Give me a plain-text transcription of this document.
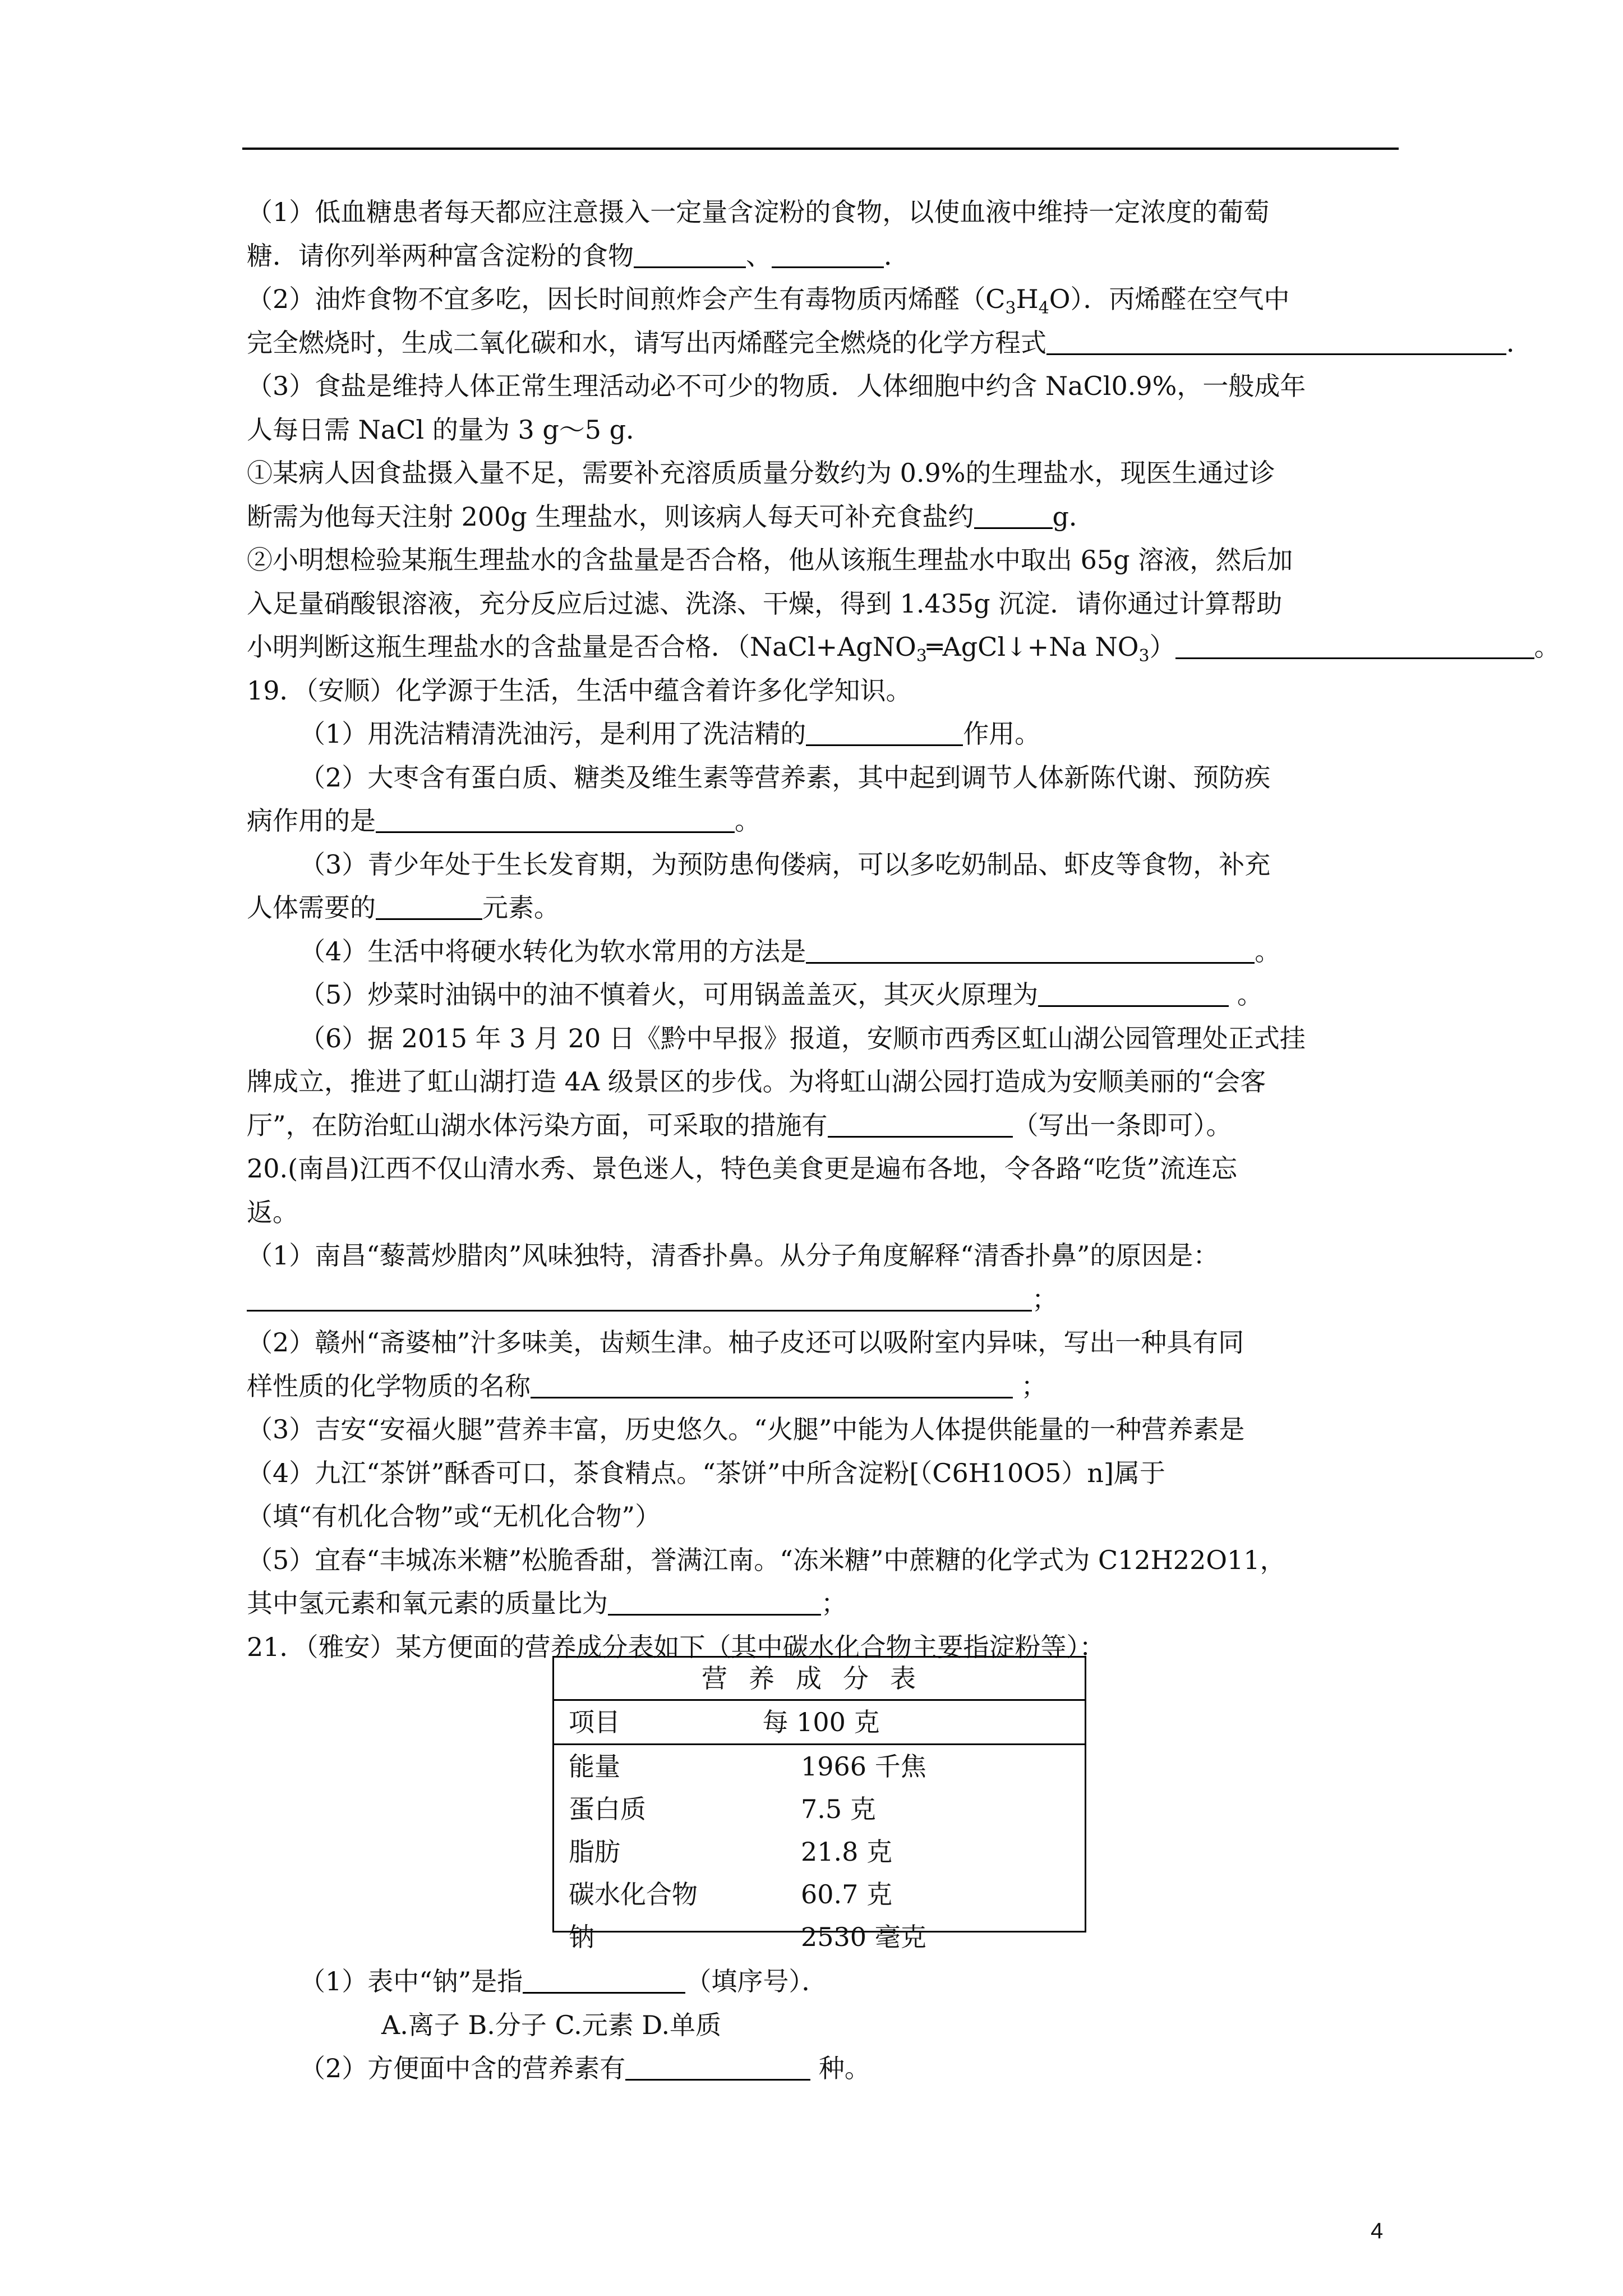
（1）低血糖患者每天都应注意摄入一定量含淀粉的食物，以使血液中维持一定浓度的葡萄
糖．请你列举两种富含淀粉的食物	、	．
（2）油炸食物不宜多吃，因长时间煎炸会产生有毒物质丙烯醛$(C_3H_4O)$．丙烯醛在空气中
完全燃烧时，生成二氧化碳和水，请写出丙烯醛完全燃烧的化学方程式	．
（3）食盐是维持人体正常生理活动必不可少的物质．人体细胞中约含 NaCl0.9%，一般成年
人每日需 NaCl 的量为 3 g～5 g．
①某病人因食盐摄入量不足，需要补充溶质质量分数约为 0.9%的生理盐水，现医生通过诊
断需为他每天注射 200g 生理盐水，则该病人每天可补充食盐约	g．
②小明想检验某瓶生理盐水的含盐量是否合格，他从该瓶生理盐水中取出 65g 溶液，然后加
入足量硝酸银溶液，充分反应后过滤、洗涤、干燥，得到 1.435g 沉淀．请你通过计算帮助
小明判断这瓶生理盐水的含盐量是否合格．（NaCl+AgNO$_3$═AgCl↓+Na $NO_3$）	。
19．（安顺）化学源于生活，生活中蕴含着许多化学知识。
（1）用洗洁精清洗油污，是利用了洗洁精的	作用。
（2）大枣含有蛋白质、糖类及维生素等营养素，其中起到调节人体新陈代谢、预防疾
病作用的是	。
（3）青少年处于生长发育期，为预防患佝偻病，可以多吃奶制品、虾皮等食物，补充
人体需要的	元素。
（4）生活中将硬水转化为软水常用的方法是	。
（5）炒菜时油锅中的油不慎着火，可用锅盖盖灭，其灭火原理为	。
（6）据 2015 年 3 月 20 日《黔中早报》报道，安顺市西秀区虹山湖公园管理处正式挂
牌成立，推进了虹山湖打造 4A 级景区的步伐。为将虹山湖公园打造成为安顺美丽的“会客
厅”，在防治虹山湖水体污染方面，可采取的措施有	（写出一条即可）。
20.(南昌)江西不仅山清水秀、景色迷人，特色美食更是遍布各地，令各路“吃货”流连忘
返。
（1）南昌“藜蒿炒腊肉”风味独特，清香扑鼻。从分子角度解释“清香扑鼻”的原因是：
；
（2）赣州“斋婆柚”汁多味美，齿颊生津。柚子皮还可以吸附室内异味，写出一种具有同
样性质的化学物质的名称	；
（3）吉安“安福火腿”营养丰富，历史悠久。“火腿”中能为人体提供能量的一种营养素是
（4）九江“茶饼”酥香可口，茶食精点。“茶饼”中所含淀粉[（C6H10O5）n]属于
（填“有机化合物”或“无机化合物”）
（5）宜春“丰城冻米糖”松脆香甜，誉满江南。“冻米糖”中蔗糖的化学式为 C12H22O11，
其中氢元素和氧元素的质量比为	；
21．（雅安）某方便面的营养成分表如下（其中碳水化合物主要指淀粉等）：
营养成分表
项目	每 100 克
能量	1966 千焦
蛋白质	7.5 克
脂肪	21.8 克
碳水化合物	60.7 克
钠	2530 毫克
（1）表中“钠”是指	（填序号）．
A.离子 B.分子 C.元素 D.单质
（2）方便面中含的营养素有	种。
4
